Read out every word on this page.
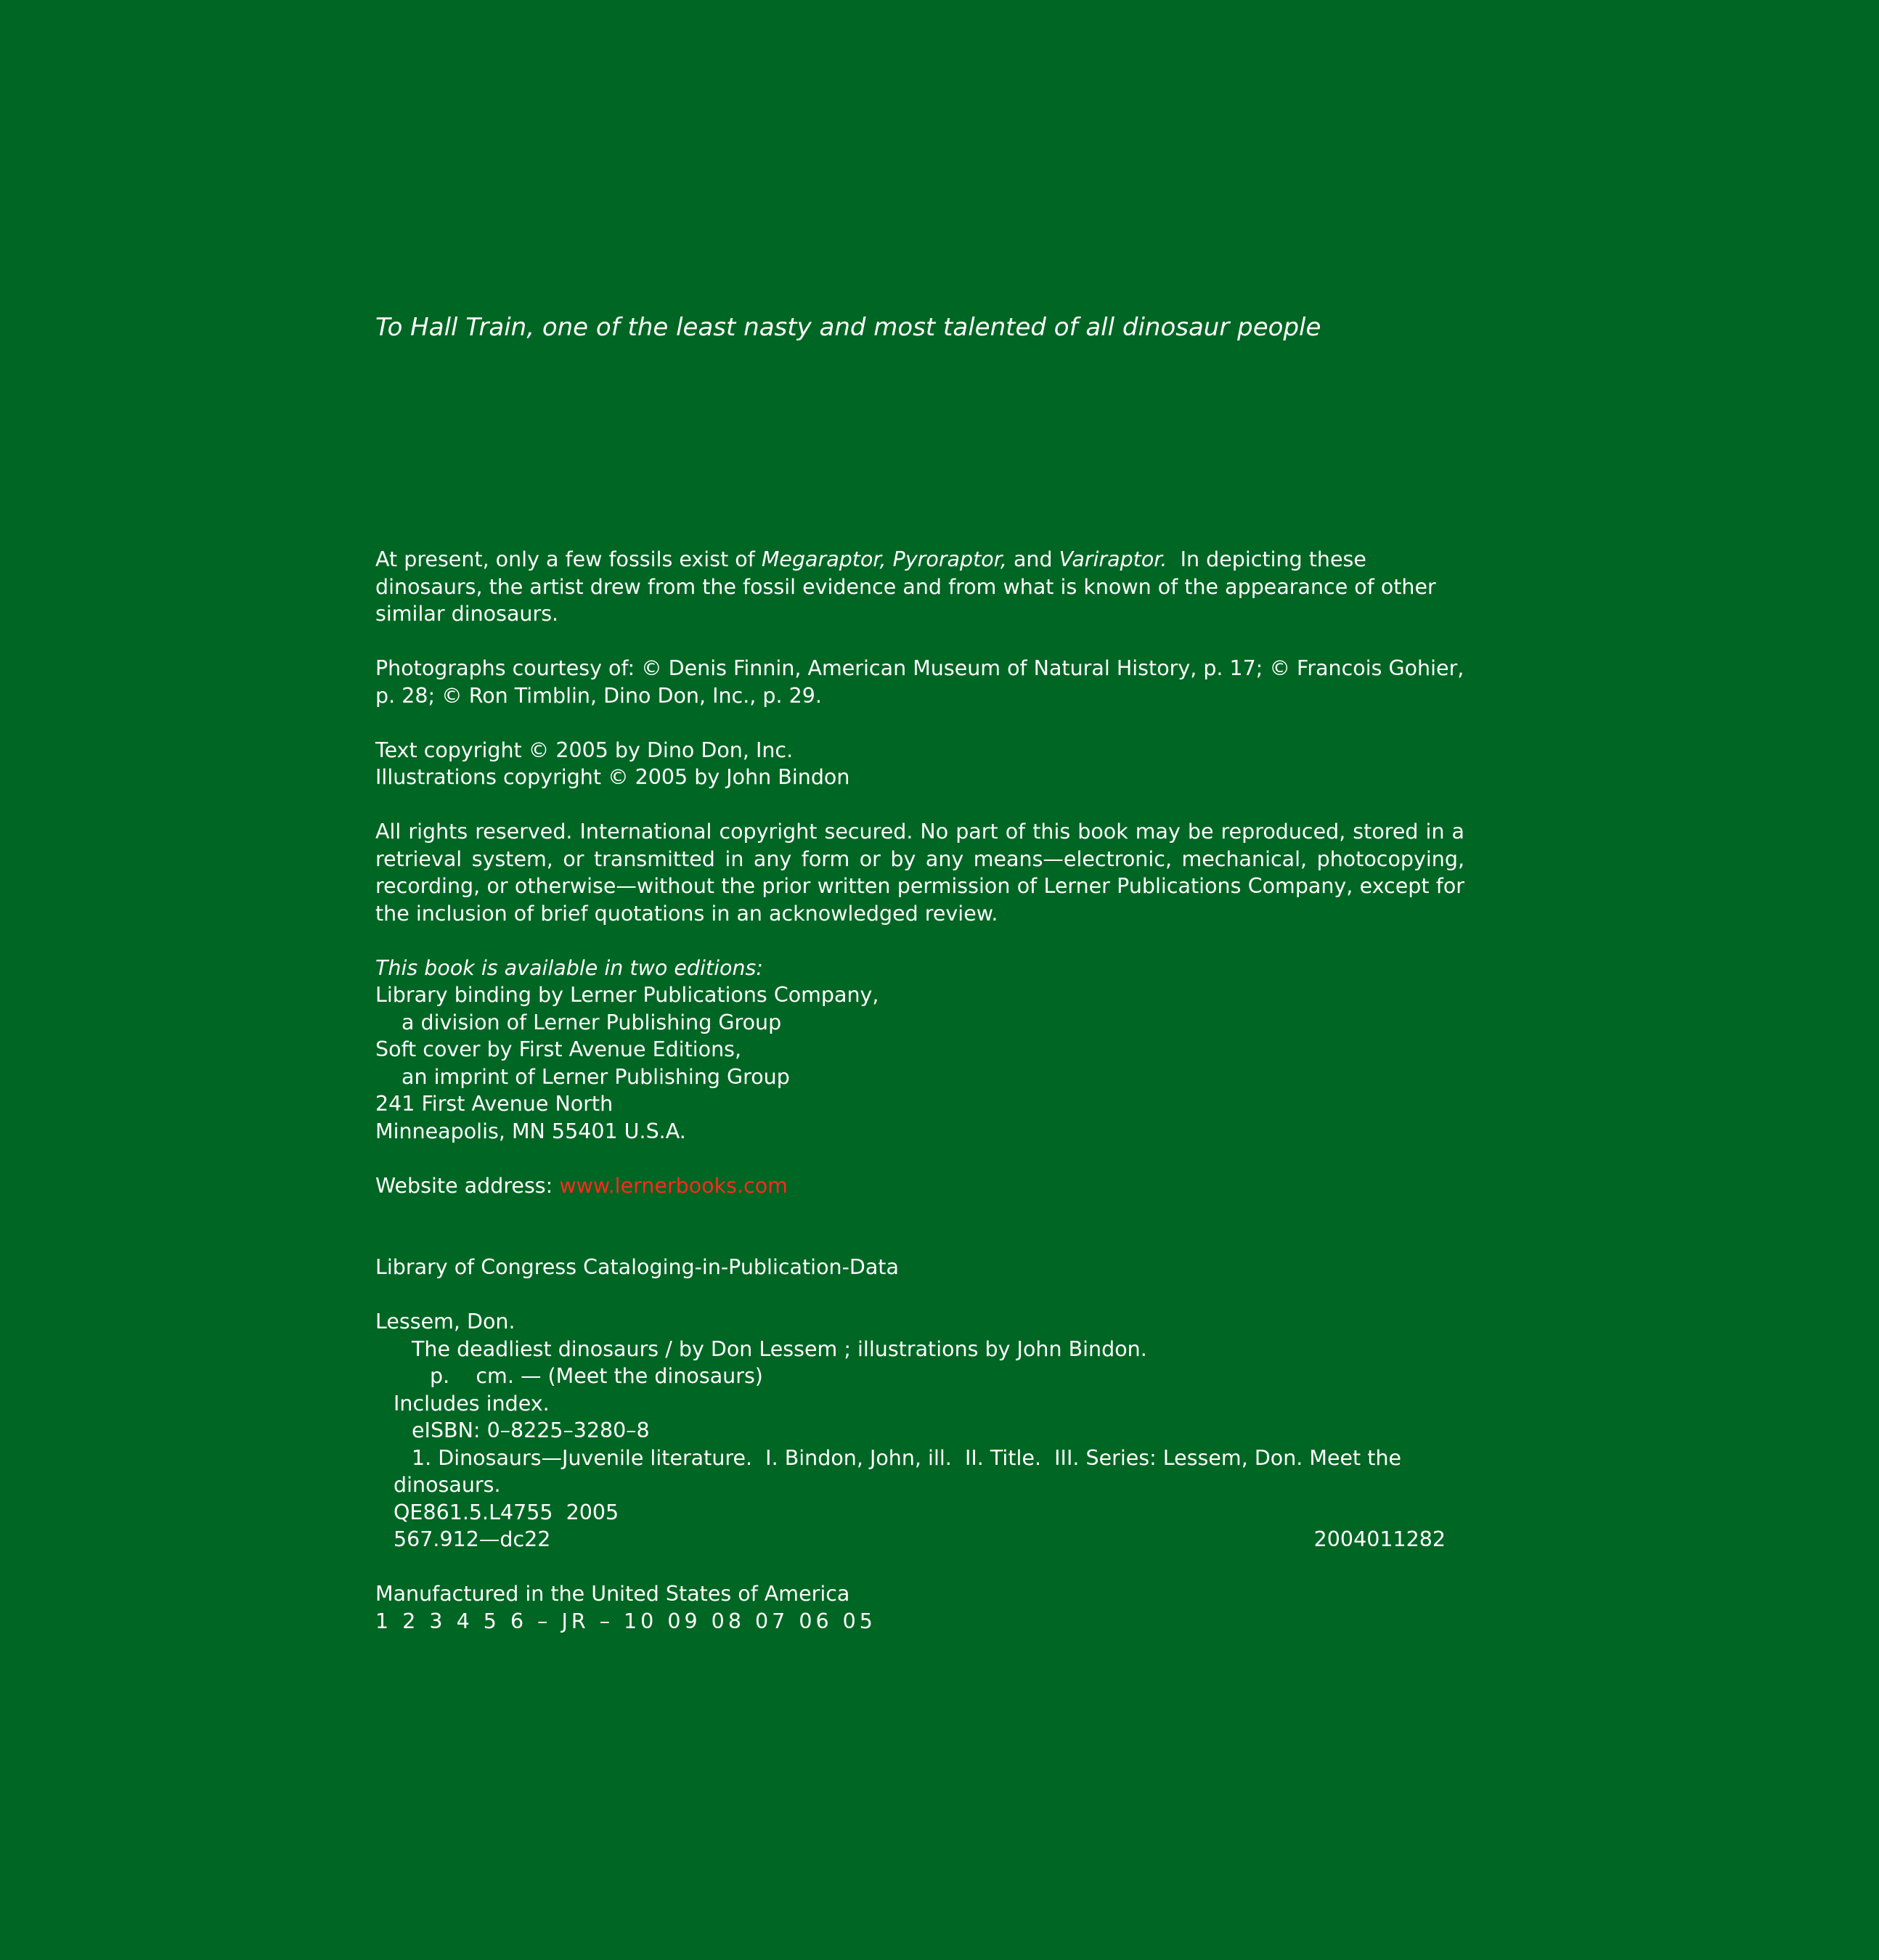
To Hall Train, one of the least nasty and most talented of all dinosaur people

At present, only a few fossils exist of Megaraptor, Pyroraptor, and Variraptor.  In depicting these dinosaurs, the artist drew from the fossil evidence and from what is known of the appearance of other similar dinosaurs.

Photographs courtesy of: © Denis Finnin, American Museum of Natural History, p. 17; © Francois Gohier, p. 28; © Ron Timblin, Dino Don, Inc., p. 29.

Text copyright © 2005 by Dino Don, Inc.
Illustrations copyright © 2005 by John Bindon

All rights reserved. International copyright secured. No part of this book may be reproduced, stored in a retrieval system, or transmitted in any form or by any means—electronic, mechanical, photocopying, recording, or otherwise—without the prior written permission of Lerner Publications Company, except for the inclusion of brief quotations in an acknowledged review.

This book is available in two editions:
Library binding by Lerner Publications Company,
a division of Lerner Publishing Group
Soft cover by First Avenue Editions,
an imprint of Lerner Publishing Group
241 First Avenue North
Minneapolis, MN 55401 U.S.A.
Website address: www.lernerbooks.com
Library of Congress Cataloging-in-Publication-Data
Lessem, Don.
The deadliest dinosaurs / by Don Lessem ; illustrations by John Bindon.
p.    cm. — (Meet the dinosaurs)
Includes index.
eISBN: 0–8225–3280–8
1. Dinosaurs—Juvenile literature.  I. Bindon, John, ill.  II. Title.  III. Series: Lessem, Don. Meet the
dinosaurs.
QE861.5.L4755  2005
567.912—dc22	2004011282
Manufactured in the United States of America
1 2 3 4 5 6 – JR – 10 09 08 07 06 05
